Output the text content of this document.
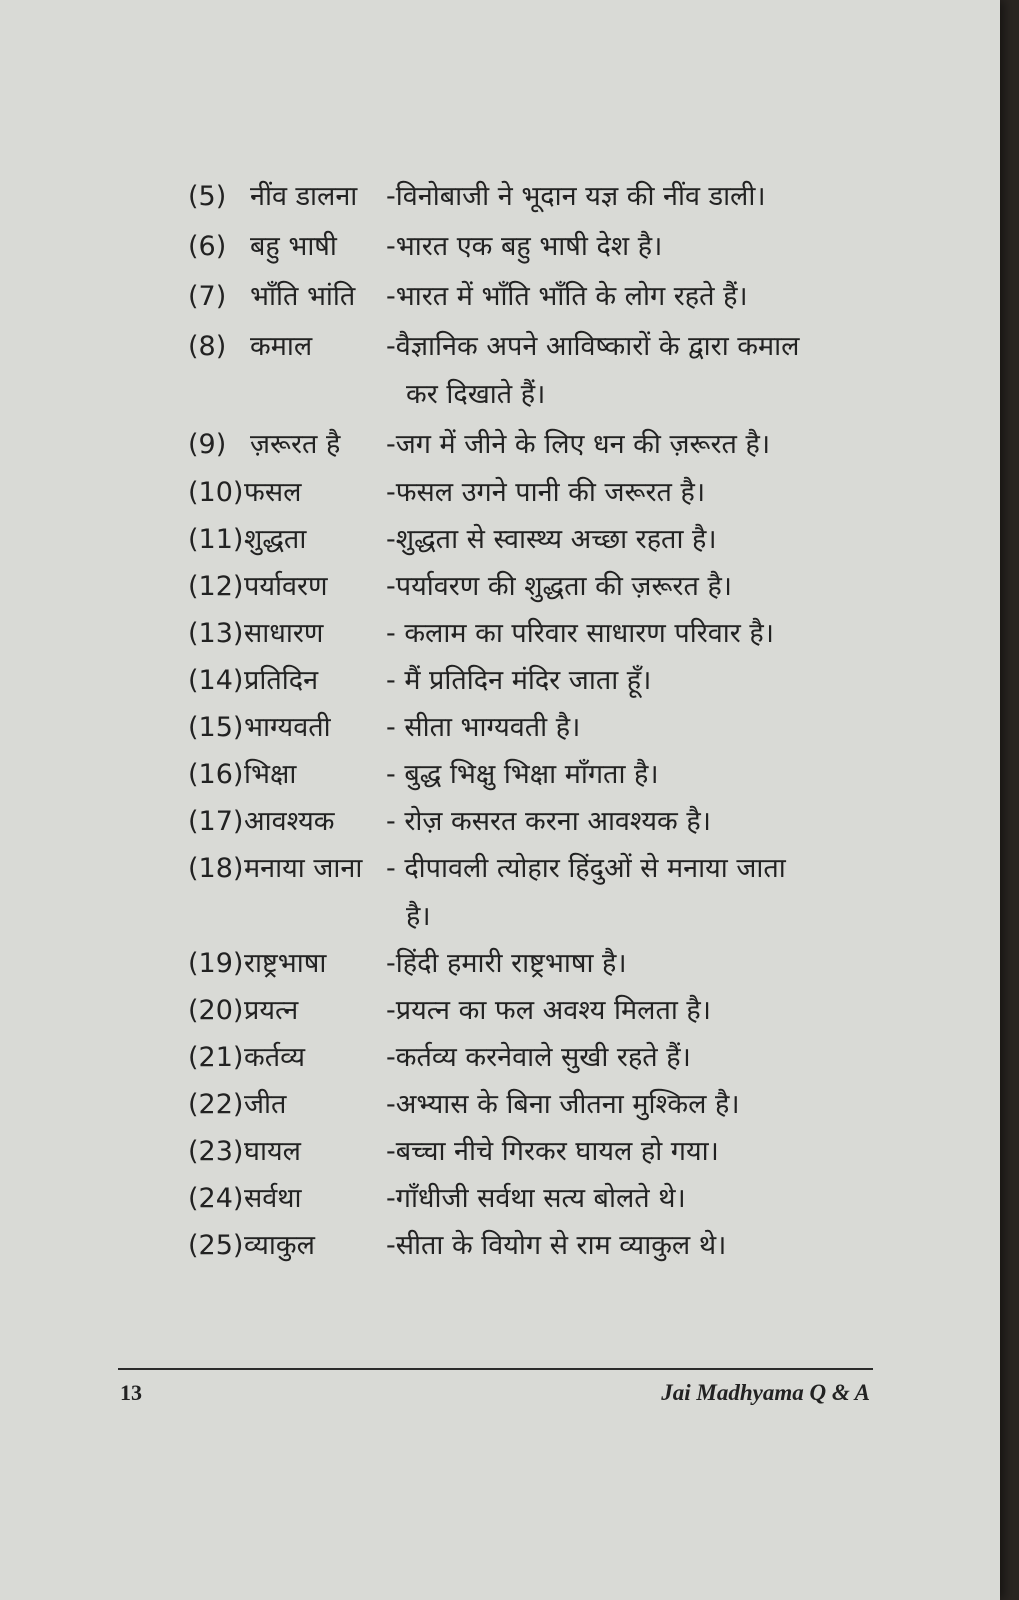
(5) नींव डालना -विनोबाजी ने भूदान यज्ञ की नींव डाली।
(6) बहु भाषी -भारत एक बहु भाषी देश है।
(7) भाँति भांति -भारत में भाँति भाँति के लोग रहते हैं।
(8) कमाल	-वैज्ञानिक अपने आविष्कारों के द्वारा कमाल
कर दिखाते हैं।
(9) ज़रूरत है -जग में जीने के लिए धन की ज़रूरत है।
(10) फसल	-फसल उगने पानी की जरूरत है।
(11) शुद्धता	-शुद्धता से स्वास्थ्य अच्छा रहता है।
(12) पर्यावरण -पर्यावरण की शुद्धता की ज़रूरत है।
(13) साधारण - कलाम का परिवार साधारण परिवार है।
(14) प्रतिदिन	- मैं प्रतिदिन मंदिर जाता हूँ।
(15) भाग्यवती - सीता भाग्यवती है।
(16) भिक्षा	- बुद्ध भिक्षु भिक्षा माँगता है।
(17) आवश्यक - रोज़ कसरत करना आवश्यक है।
(18) मनाया जाना - दीपावली त्योहार हिंदुओं से मनाया जाता
है।
(19) राष्ट्रभाषा -हिंदी हमारी राष्ट्रभाषा है।
(20) प्रयत्न	-प्रयत्न का फल अवश्य मिलता है।
(21) कर्तव्य	-कर्तव्य करनेवाले सुखी रहते हैं।
(22) जीत	-अभ्यास के बिना जीतना मुश्किल है।
(23) घायल	-बच्चा नीचे गिरकर घायल हो गया।
(24) सर्वथा	-गाँधीजी सर्वथा सत्य बोलते थे।
(25) व्याकुल	-सीता के वियोग से राम व्याकुल थे।
13	Jai Madhyama Q & A
